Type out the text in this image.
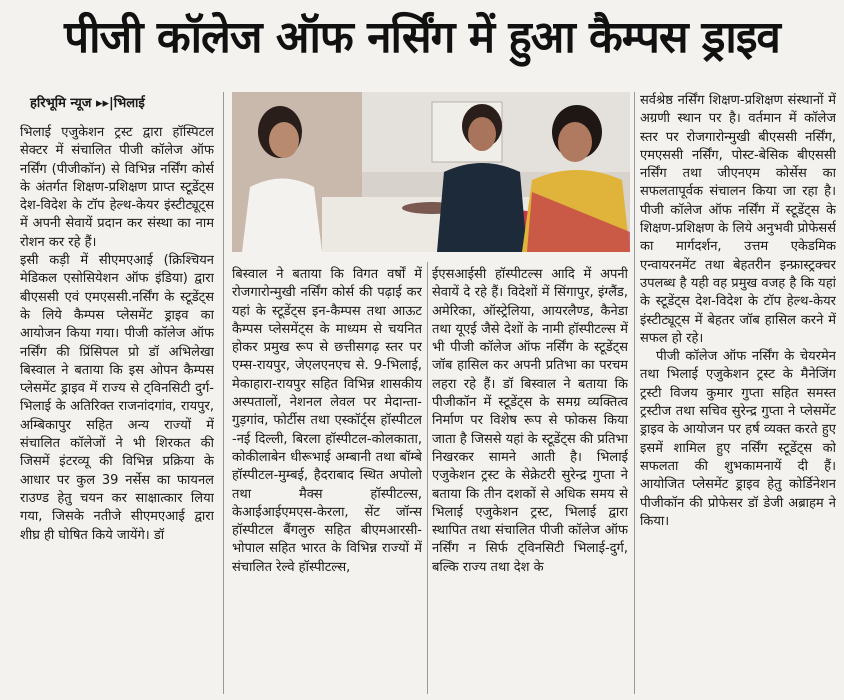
पीजी कॉलेज ऑफ नर्सिंग में हुआ कैम्पस ड्राइव
हरिभूमि न्यूज ▸▸|भिलाई

भिलाई एजुकेशन ट्रस्ट द्वारा हॉस्पिटल सेक्टर में संचालित पीजी कॉलेज ऑफ नर्सिंग (पीजीकॉन) से विभिन्न नर्सिंग कोर्स के अंतर्गत शिक्षण-प्रशिक्षण प्राप्त स्टूडेंट्स देश-विदेश के टॉप हेल्थ-केयर इंस्टीट्यूट्स में अपनी सेवायें प्रदान कर संस्था का नाम रोशन कर रहे हैं।

इसी कड़ी में सीएमएआई (क्रिश्चियन मेडिकल एसोसियेशन ऑफ इंडिया) द्वारा बीएससी एवं एमएससी.नर्सिंग के स्टूडेंट्स के लिये कैम्पस प्लेसमेंट ड्राइव का आयोजन किया गया। पीजी कॉलेज ऑफ नर्सिंग की प्रिंसिपल प्रो डॉ अभिलेखा बिस्वाल ने बताया कि इस ओपन कैम्पस प्लेसमेंट ड्राइव में राज्य से ट्विनसिटी दुर्ग-भिलाई के अतिरिक्त राजनांदगांव, रायपुर, अम्बिकापुर सहित अन्य राज्यों में संचालित कॉलेजों ने भी शिरकत की जिसमें इंटरव्यू की विभिन्न प्रक्रिया के आधार पर कुल 39 नर्सेस का फायनल राउण्ड हेतु चयन कर साक्षात्कार लिया गया, जिसके नतीजे सीएमएआई द्वारा शीघ्र ही घोषित किये जायेंगे। डॉ

बिस्वाल ने बताया कि विगत वर्षों में रोजगारोन्मुखी नर्सिंग कोर्स की पढ़ाई कर यहां के स्टूडेंट्स इन-कैम्पस तथा आऊट कैम्पस प्लेसमेंट्स के माध्यम से चयनित होकर प्रमुख रूप से छत्तीसगढ़ स्तर पर एम्स-रायपुर, जेएलएनएच से. 9-भिलाई, मेकाहारा-रायपुर सहित विभिन्न शासकीय अस्पतालों, नेशनल लेवल पर मेदान्ता-गुड़गांव, फोर्टीस तथा एस्कॉर्ट्स हॉस्पीटल -नई दिल्ली, बिरला हॉस्पीटल-कोलकाता, कोकीलाबेन धीरूभाई अम्बानी तथा बॉम्बे हॉस्पीटल-मुम्बई, हैदराबाद स्थित अपोलो तथा मैक्स हॉस्पीटल्स, केआईआईएमएस-केरला, सेंट जॉन्स हॉस्पीटल बैंगलुरु सहित बीएमआरसी-भोपाल सहित भारत के विभिन्न राज्यों में संचालित रेल्वे हॉस्पीटल्स,

ईएसआईसी हॉस्पीटल्स आदि में अपनी सेवायें दे रहे हैं। विदेशों में सिंगापुर, इंग्लैंड, अमेरिका, ऑस्ट्रेलिया, आयरलैण्ड, कैनेडा तथा यूएई जैसे देशों के नामी हॉस्पीटल्स में भी पीजी कॉलेज ऑफ नर्सिंग के स्टूडेंट्स जॉब हासिल कर अपनी प्रतिभा का परचम लहरा रहे हैं। डॉ बिस्वाल ने बताया कि पीजीकॉन में स्टूडेंट्स के समग्र व्यक्तित्व निर्माण पर विशेष रूप से फोकस किया जाता है जिससे यहां के स्टूडेंट्स की प्रतिभा निखरकर सामने आती है। भिलाई एजुकेशन ट्रस्ट के सेक्रेटरी सुरेन्द्र गुप्ता ने बताया कि तीन दशकों से अधिक समय से भिलाई एजुकेशन ट्रस्ट, भिलाई द्वारा स्थापित तथा संचालित पीजी कॉलेज ऑफ नर्सिंग न सिर्फ ट्विनसिटी भिलाई-दुर्ग, बल्कि राज्य तथा देश के

सर्वश्रेष्ठ नर्सिंग शिक्षण-प्रशिक्षण संस्थानों में अग्रणी स्थान पर है। वर्तमान में कॉलेज स्तर पर रोजगारोन्मुखी बीएससी नर्सिंग, एमएससी नर्सिंग, पोस्ट-बेसिक बीएससी नर्सिंग तथा जीएनएम कोर्सेस का सफलतापूर्वक संचालन किया जा रहा है। पीजी कॉलेज ऑफ नर्सिंग में स्टूडेंट्स के शिक्षण-प्रशिक्षण के लिये अनुभवी प्रोफेसर्स का मार्गदर्शन, उत्तम एकेडमिक एन्वायरनमेंट तथा बेहतरीन इन्फ्रास्ट्रक्चर उपलब्ध है यही वह प्रमुख वजह है कि यहां के स्टूडेंट्स देश-विदेश के टॉप हेल्थ-केयर इंस्टीट्यूट्स में बेहतर जॉब हासिल करने में सफल हो रहे।

पीजी कॉलेज ऑफ नर्सिंग के चेयरमेन तथा भिलाई एजुकेशन ट्रस्ट के मैनेजिंग ट्रस्टी विजय कुमार गुप्ता सहित समस्त ट्रस्टीज तथा सचिव सुरेन्द्र गुप्ता ने प्लेसमेंट ड्राइव के आयोजन पर हर्ष व्यक्त करते हुए इसमें शामिल हुए नर्सिंग स्टूडेंट्स को सफलता की शुभकामनायें दी हैं। आयोजित प्लेसमेंट ड्राइव हेतु कोर्डिनेशन पीजीकॉन की प्रोफेसर डॉ डेजी अब्राहम ने किया।
